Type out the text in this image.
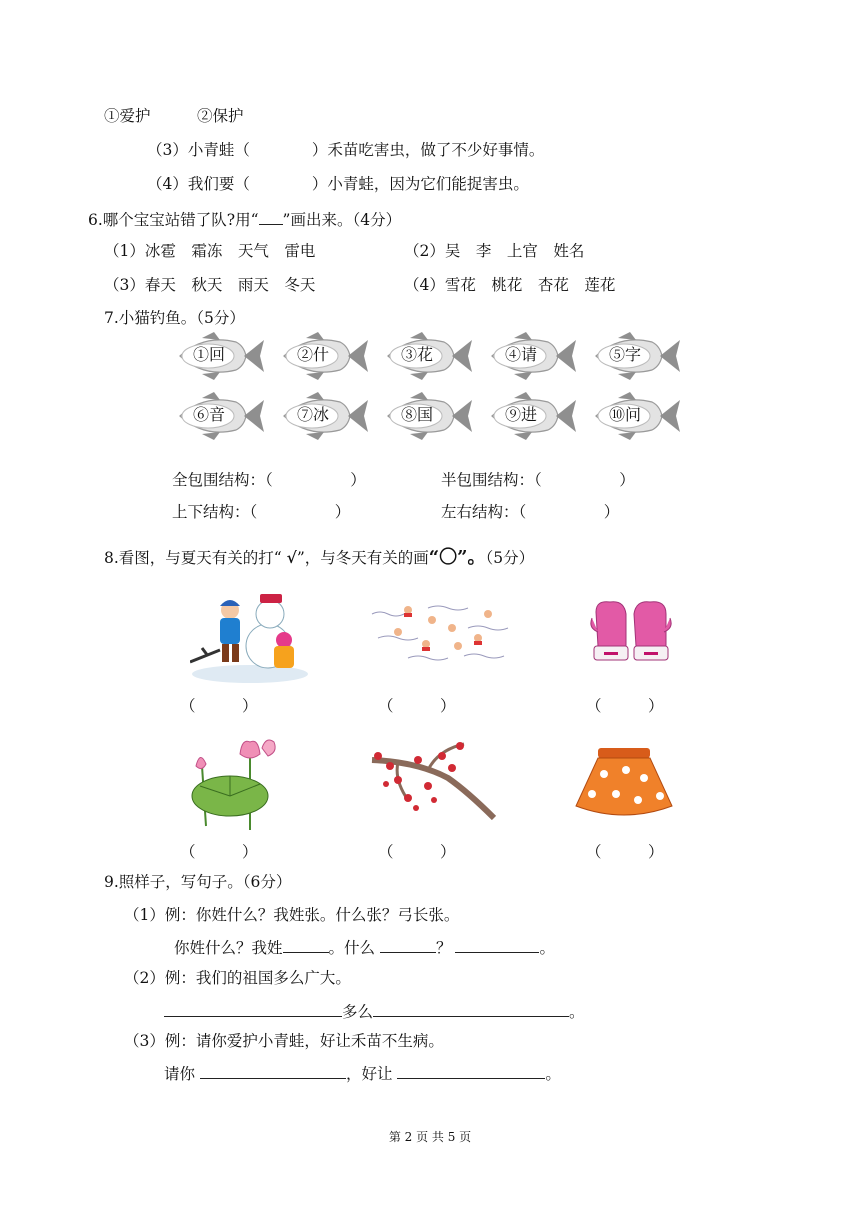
①爱护　　　②保护
（3）小青蛙（　　　　）禾苗吃害虫，做了不少好事情。
（4）我们要（　　　　）小青蛙，因为它们能捉害虫。
6.哪个宝宝站错了队?用“ ”画出来。（4分）
（1）冰雹　霜冻　天气　雷电	（2）吴　李　上官　姓名
（3）春天　秋天　雨天　冬天	（4）雪花　桃花　杏花　莲花
7.小猫钓鱼。（5分）
①回	②什	③花	④请	⑤字
⑥音	⑦冰	⑧国	⑨进	⑩问
全包围结构：（　　　　　）	半包围结构：（　　　　　）
上下结构：（　　　　　）	左右结构：（　　　　　）
8.看图，与夏天有关的打“ √”，与冬天有关的画“〇”。（5分）
（　　　）	（　　　）	（　　　）
（　　　）	（　　　）	（　　　）
9.照样子，写句子。（6分）
（1）例：你姓什么？我姓张。什么张？弓长张。
你姓什么？我姓	。什么	？	。
（2）例：我们的祖国多么广大。
多么	。
（3）例：请你爱护小青蛙，好让禾苗不生病。
请你	，好让	。
第 2 页 共 5 页
